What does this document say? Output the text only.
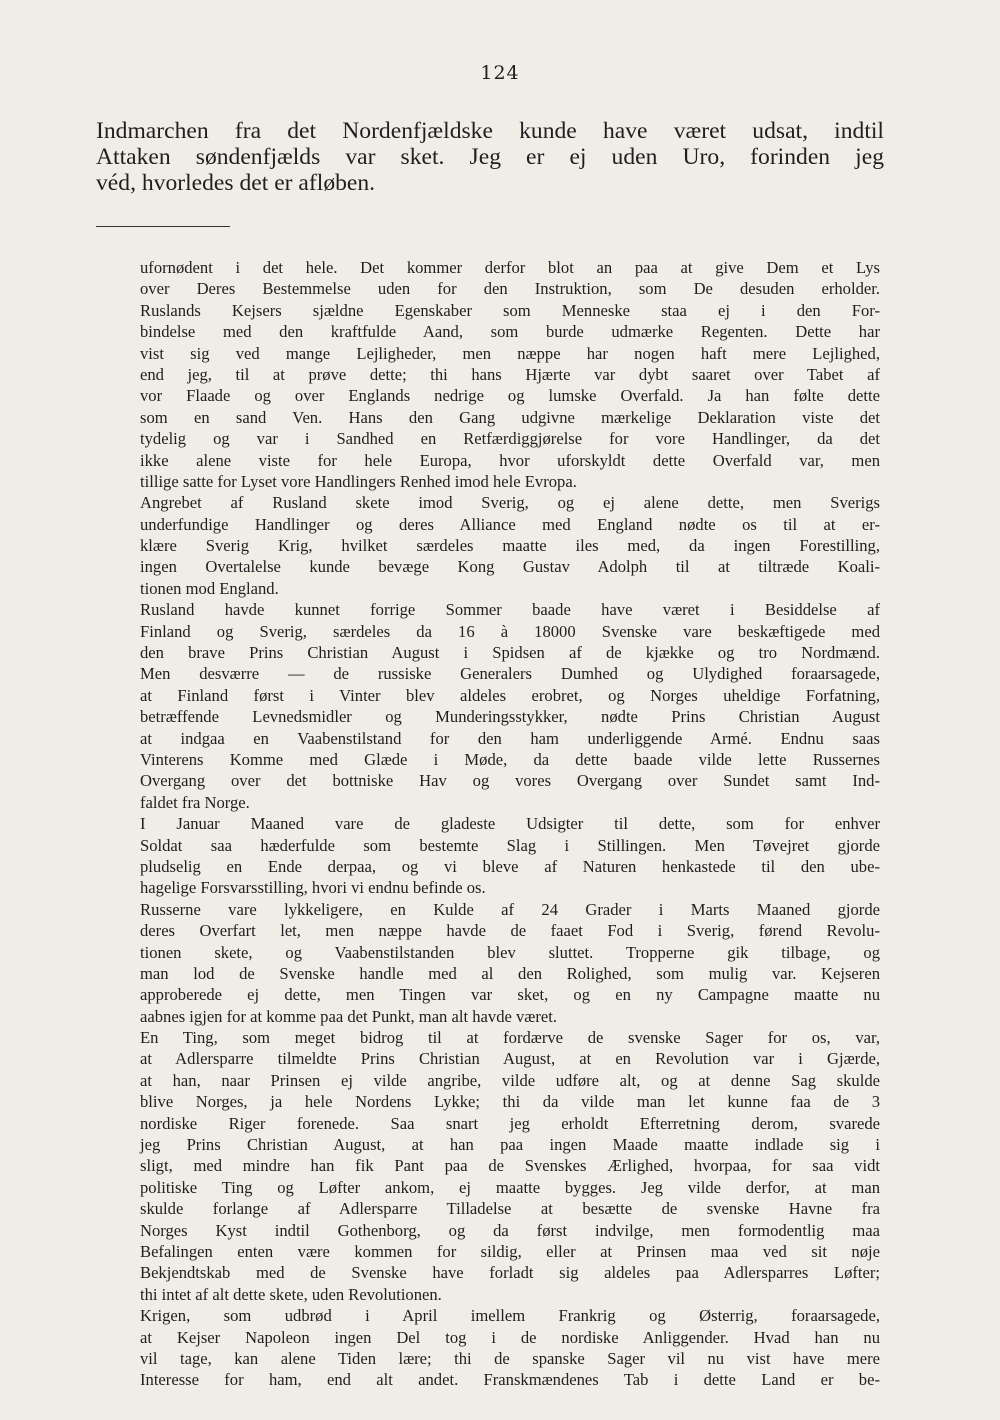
124
Indmarchen fra det Nordenfjældske kunde have været udsat, indtil
Attaken søndenfjælds var sket. Jeg er ej uden Uro, forinden jeg
véd, hvorledes det er afløben.
ufornødent i det hele. Det kommer derfor blot an paa at give Dem et Lys
over Deres Bestemmelse uden for den Instruktion, som De desuden erholder.
Ruslands Kejsers sjældne Egenskaber som Menneske staa ej i den For-
bindelse med den kraftfulde Aand, som burde udmærke Regenten. Dette har
vist sig ved mange Lejligheder, men næppe har nogen haft mere Lejlighed,
end jeg, til at prøve dette; thi hans Hjærte var dybt saaret over Tabet af
vor Flaade og over Englands nedrige og lumske Overfald. Ja han følte dette
som en sand Ven. Hans den Gang udgivne mærkelige Deklaration viste det
tydelig og var i Sandhed en Retfærdiggjørelse for vore Handlinger, da det
ikke alene viste for hele Europa, hvor uforskyldt dette Overfald var, men
tillige satte for Lyset vore Handlingers Renhed imod hele Evropa.
Angrebet af Rusland skete imod Sverig, og ej alene dette, men Sverigs
underfundige Handlinger og deres Alliance med England nødte os til at er-
klære Sverig Krig, hvilket særdeles maatte iles med, da ingen Forestilling,
ingen Overtalelse kunde bevæge Kong Gustav Adolph til at tiltræde Koali-
tionen mod England.
Rusland havde kunnet forrige Sommer baade have været i Besiddelse af
Finland og Sverig, særdeles da 16 à 18000 Svenske vare beskæftigede med
den brave Prins Christian August i Spidsen af de kjække og tro Nordmænd.
Men desværre — de russiske Generalers Dumhed og Ulydighed foraarsagede,
at Finland først i Vinter blev aldeles erobret, og Norges uheldige Forfatning,
betræffende Levnedsmidler og Munderingsstykker, nødte Prins Christian August
at indgaa en Vaabenstilstand for den ham underliggende Armé. Endnu saas
Vinterens Komme med Glæde i Møde, da dette baade vilde lette Russernes
Overgang over det bottniske Hav og vores Overgang over Sundet samt Ind-
faldet fra Norge.
I Januar Maaned vare de gladeste Udsigter til dette, som for enhver
Soldat saa hæderfulde som bestemte Slag i Stillingen. Men Tøvejret gjorde
pludselig en Ende derpaa, og vi bleve af Naturen henkastede til den ube-
hagelige Forsvarsstilling, hvori vi endnu befinde os.
Russerne vare lykkeligere, en Kulde af 24 Grader i Marts Maaned gjorde
deres Overfart let, men næppe havde de faaet Fod i Sverig, førend Revolu-
tionen skete, og Vaabenstilstanden blev sluttet. Tropperne gik tilbage, og
man lod de Svenske handle med al den Rolighed, som mulig var. Kejseren
approberede ej dette, men Tingen var sket, og en ny Campagne maatte nu
aabnes igjen for at komme paa det Punkt, man alt havde været.
En Ting, som meget bidrog til at fordærve de svenske Sager for os, var,
at Adlersparre tilmeldte Prins Christian August, at en Revolution var i Gjærde,
at han, naar Prinsen ej vilde angribe, vilde udføre alt, og at denne Sag skulde
blive Norges, ja hele Nordens Lykke; thi da vilde man let kunne faa de 3
nordiske Riger forenede. Saa snart jeg erholdt Efterretning derom, svarede
jeg Prins Christian August, at han paa ingen Maade maatte indlade sig i
sligt, med mindre han fik Pant paa de Svenskes Ærlighed, hvorpaa, for saa vidt
politiske Ting og Løfter ankom, ej maatte bygges. Jeg vilde derfor, at man
skulde forlange af Adlersparre Tilladelse at besætte de svenske Havne fra
Norges Kyst indtil Gothenborg, og da først indvilge, men formodentlig maa
Befalingen enten være kommen for sildig, eller at Prinsen maa ved sit nøje
Bekjendtskab med de Svenske have forladt sig aldeles paa Adlersparres Løfter;
thi intet af alt dette skete, uden Revolutionen.
Krigen, som udbrød i April imellem Frankrig og Østerrig, foraarsagede,
at Kejser Napoleon ingen Del tog i de nordiske Anliggender. Hvad han nu
vil tage, kan alene Tiden lære; thi de spanske Sager vil nu vist have mere
Interesse for ham, end alt andet. Franskmændenes Tab i dette Land er be-
